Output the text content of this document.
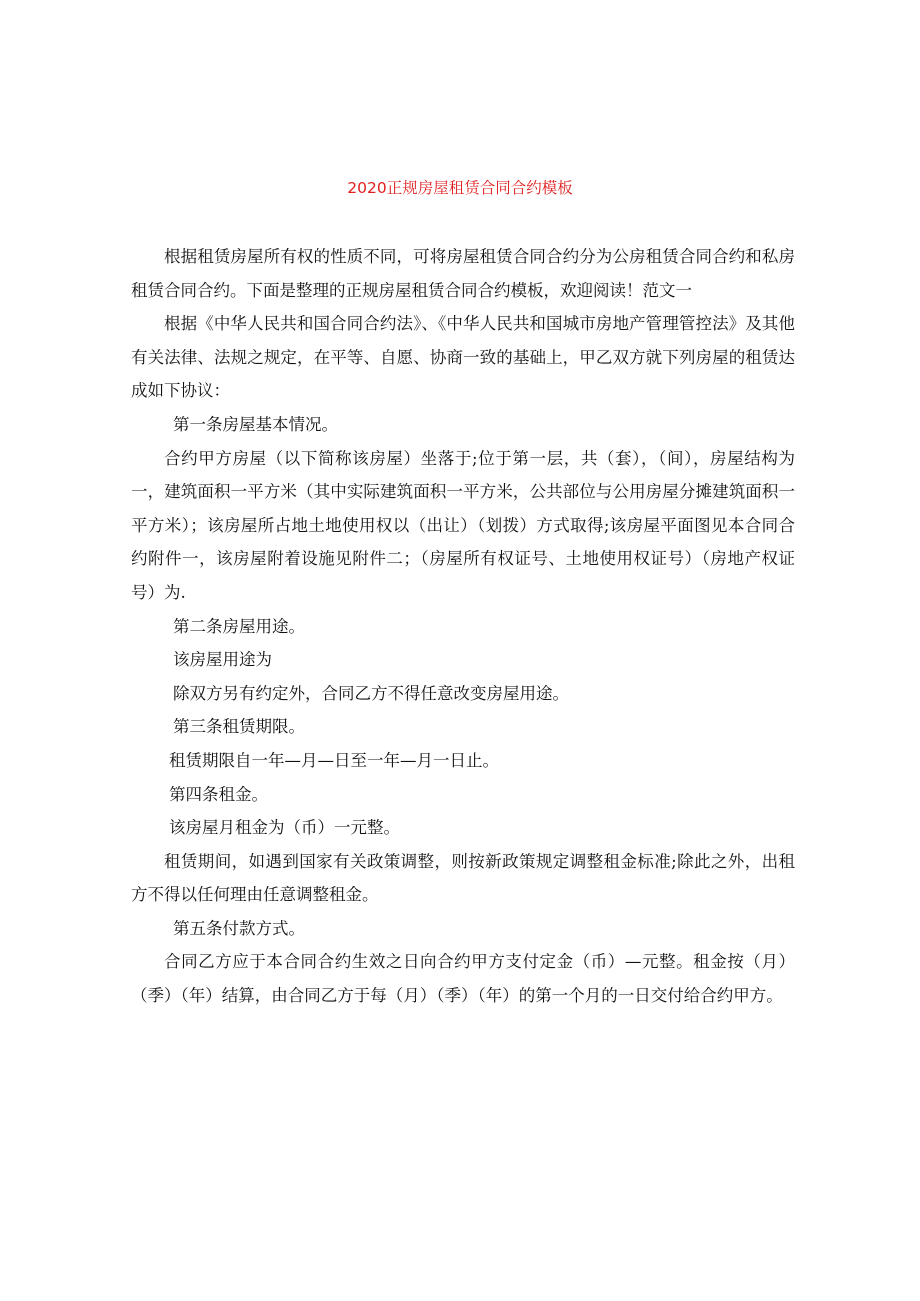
2020正规房屋租赁合同合约模板

根据租赁房屋所有权的性质不同，可将房屋租赁合同合约分为公房租赁合同合约和私房租赁合同合约。下面是整理的正规房屋租赁合同合约模板，欢迎阅读！范文一

根据《中华人民共和国合同合约法》、《中华人民共和国城市房地产管理管控法》及其他有关法律、法规之规定，在平等、自愿、协商一致的基础上，甲乙双方就下列房屋的租赁达成如下协议：

第一条房屋基本情况。

合约甲方房屋（以下简称该房屋）坐落于;位于第一层，共（套），（间），房屋结构为一，建筑面积一平方米（其中实际建筑面积一平方米，公共部位与公用房屋分摊建筑面积一平方米）；该房屋所占地土地使用权以（出让）（划拨）方式取得;该房屋平面图见本合同合约附件一，该房屋附着设施见附件二；（房屋所有权证号、土地使用权证号）（房地产权证号）为.

第二条房屋用途。

该房屋用途为

除双方另有约定外，合同乙方不得任意改变房屋用途。

第三条租赁期限。

租赁期限自一年—月—日至一年—月一日止。

第四条租金。

该房屋月租金为（币）一元整。

租赁期间，如遇到国家有关政策调整，则按新政策规定调整租金标准;除此之外，出租方不得以任何理由任意调整租金。

第五条付款方式。

合同乙方应于本合同合约生效之日向合约甲方支付定金（币）—元整。租金按（月）（季）（年）结算，由合同乙方于每（月）（季）（年）的第一个月的一日交付给合约甲方。
